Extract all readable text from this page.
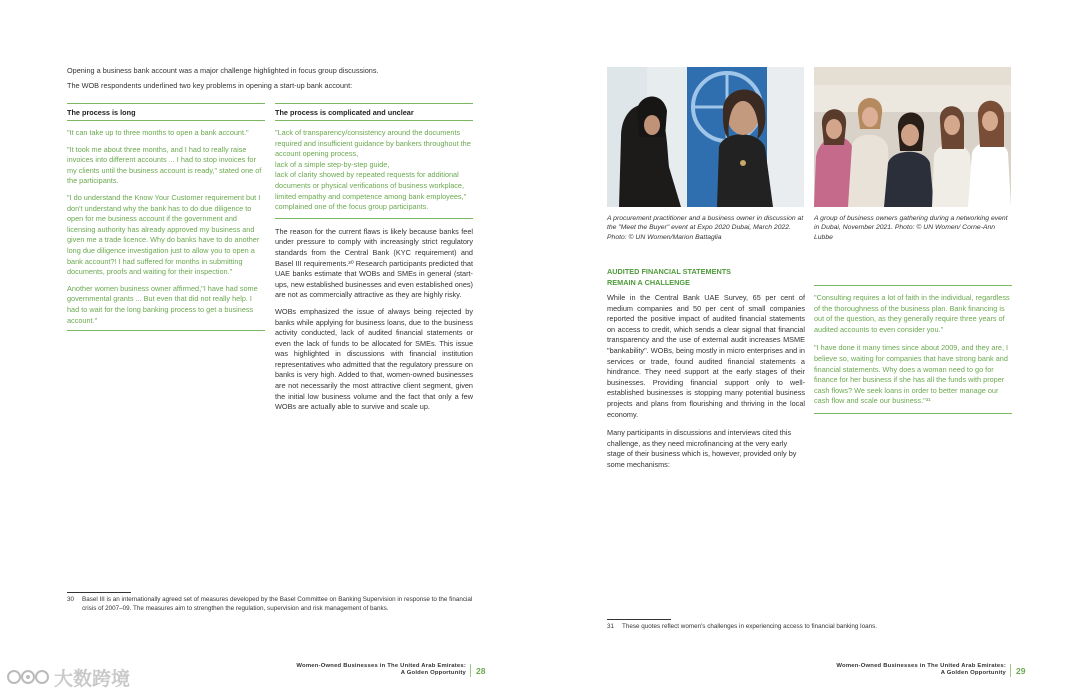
Opening a business bank account was a major challenge highlighted in focus group discussions.
The WOB respondents underlined two key problems in opening a start-up bank account:
The process is long

"It can take up to three months to open a bank account."

"It took me about three months, and I had to really raise invoices into different accounts ... I had to stop invoices for my clients until the business account is ready," stated one of the participants.

"I do understand the Know Your Customer requirement but I don't understand why the bank has to do due diligence to open for me business account if the government and licensing authority has already approved my business and given me a trade licence. Why do banks have to do another long due diligence investigation just to allow you to open a bank account?! I had suffered for months in submitting documents, proofs and waiting for their inspection."

Another women business owner affirmed,"I have had some governmental grants ... But even that did not really help. I had to wait for the long banking process to get a business account."

The process is complicated and unclear
"Lack of transparency/consistency around the documents required and insufficient guidance by bankers throughout the account opening process,
lack of a simple step-by-step guide,
lack of clarity showed by repeated requests for additional documents or physical verifications of business workplace,
limited empathy and competence among bank employees,"
complained one of the focus group participants.

The reason for the current flaws is likely because banks feel under pressure to comply with increasingly strict regulatory standards from the Central Bank (KYC requirement) and Basel III requirements.³⁰ Research participants predicted that UAE banks estimate that WOBs and SMEs in general (start-ups, new established businesses and even established ones) are not as commercially attractive as they are highly risky.

WOBs emphasized the issue of always being rejected by banks while applying for business loans, due to the business activity conducted, lack of audited financial statements or even the lack of funds to be allocated for SMEs. This issue was highlighted in discussions with financial institution representatives who admitted that the regulatory pressure on banks is very high. Added to that, women-owned businesses are not necessarily the most attractive client segment, given the initial low business volume and the fact that only a few WOBs are actually able to survive and scale up.

30	Basel III is an internationally agreed set of measures developed by the Basel Committee on Banking Supervision in response to the financial crisis of 2007–09. The measures aim to strengthen the regulation, supervision and risk management of banks.
Women-Owned Businesses in The United Arab Emirates:
A Golden Opportunity 28
大数跨境
A procurement practitioner and a business owner in discussion at the "Meet the Buyer" event at Expo 2020 Dubai, March 2022. Photo: © UN Women/Marion Battaglia
A group of business owners gathering during a networking event in Dubai, November 2021. Photo: © UN Women/ Corne-Ann Lubbe
AUDITED FINANCIAL STATEMENTS
REMAIN A CHALLENGE

While in the Central Bank UAE Survey, 65 per cent of medium companies and 50 per cent of small companies reported the positive impact of audited financial statements on access to credit, which sends a clear signal that financial transparency and the use of external audit increases MSME "bankability". WOBs, being mostly in micro enterprises and in services or trade, found audited financial statements a hindrance. They need support at the early stages of their businesses. Providing financial support only to well-established businesses is stopping many potential business projects and plans from flourishing and thriving in the local economy.

Many participants in discussions and interviews cited this challenge, as they need microfinancing at the very early stage of their business which is, however, provided only by some mechanisms:

"Consulting requires a lot of faith in the individual, regardless of the thoroughness of the business plan. Bank financing is out of the question, as they generally require three years of audited accounts to even consider you."

"I have done it many times since about 2009, and they are, I believe so, waiting for companies that have strong bank and financial statements. Why does a woman need to go for finance for her business if she has all the funds with proper cash flows? We seek loans in order to better manage our cash flow and scale our business."³¹

31	These quotes reflect women's challenges in experiencing access to financial banking loans.
Women-Owned Businesses in The United Arab Emirates:
A Golden Opportunity 29
